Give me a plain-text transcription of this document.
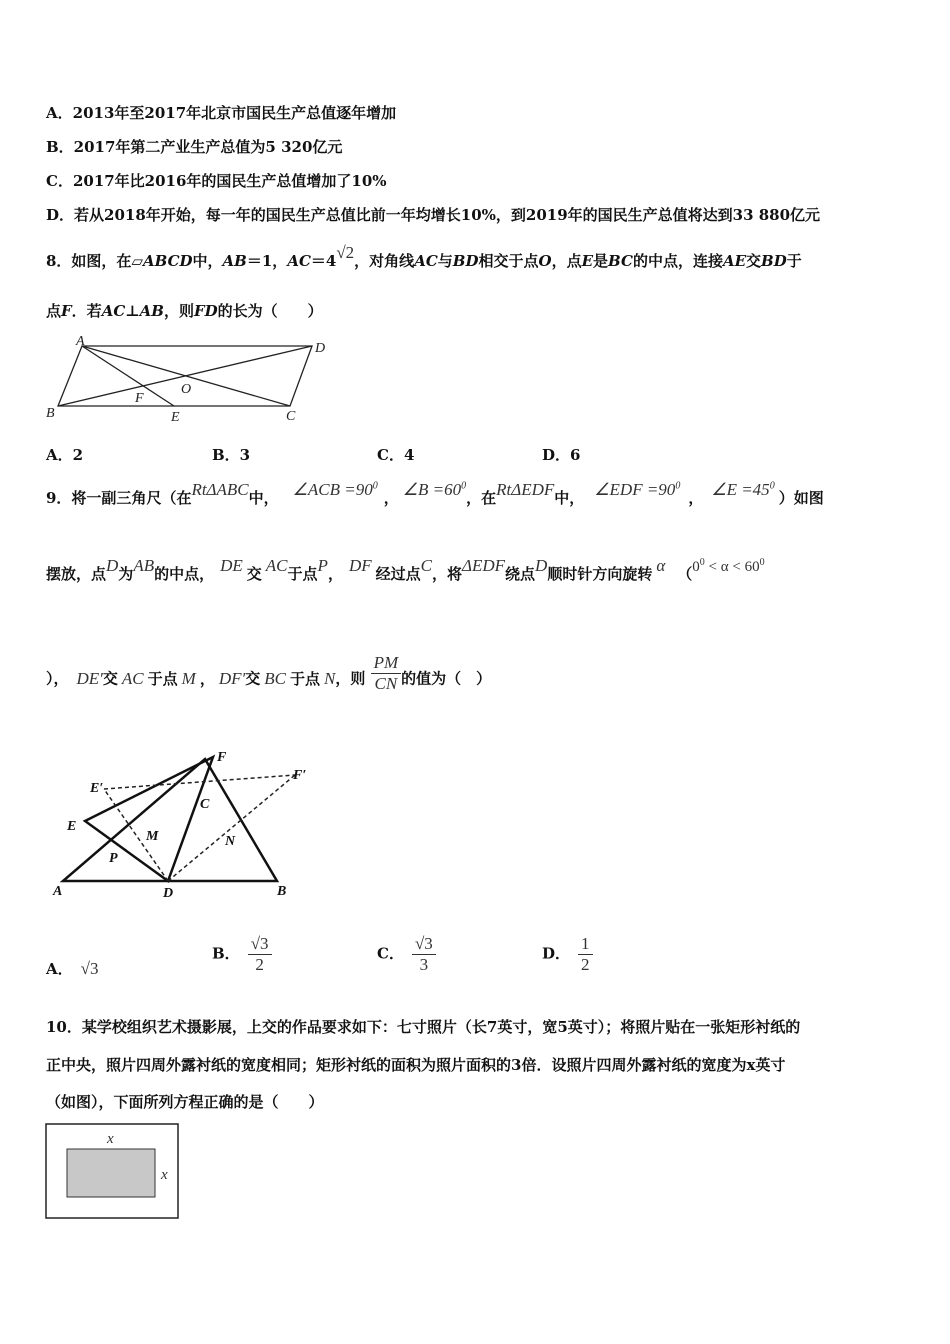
A．2013年至2017年北京市国民生产总值逐年增加
B．2017年第二产业生产总值为5 320亿元
C．2017年比2016年的国民生产总值增加了10%
D．若从2018年开始，每一年的国民生产总值比前一年均增长10%，到2019年的国民生产总值将达到33 880亿元
8．如图，在▱ABCD中，AB＝1，AC＝4√2，对角线AC与BD相交于点O，点E是BC的中点，连接AE交BD于
点F．若AC⊥AB，则FD的长为（　　）
A	D
B	C
O
F
E
A．2	B．3	C．4	D．6
9．将一副三角尺（在RtΔABC中， ∠ACB $=90^0$， ∠B $=60^0$，在RtΔEDF中， ∠EDF $=90^0$， ∠E $=45^0$）如图
摆放，点D为AB的中点， DE 交 AC于点P， DF 经过点C，将ΔEDF绕点D顺时针方向旋转 α （$0^0 < \alpha < 60^0$
）， DE′交 AC 于点 M ， DF′交 BC 于点 N，则 $\frac{PM}{CN}$ 的值为（　）
A	B
C
D
E
F
E′
F′
M	N
P
A． √3
B． $\frac{√3}{2}$	C． $\frac{√3}{3}$	D． $\frac{1}{2}$
10．某学校组织艺术摄影展，上交的作品要求如下：七寸照片（长7英寸，宽5英寸）；将照片贴在一张矩形衬纸的
正中央，照片四周外露衬纸的宽度相同；矩形衬纸的面积为照片面积的3倍．设照片四周外露衬纸的宽度为x英寸
（如图），下面所列方程正确的是（　　）
x
x
